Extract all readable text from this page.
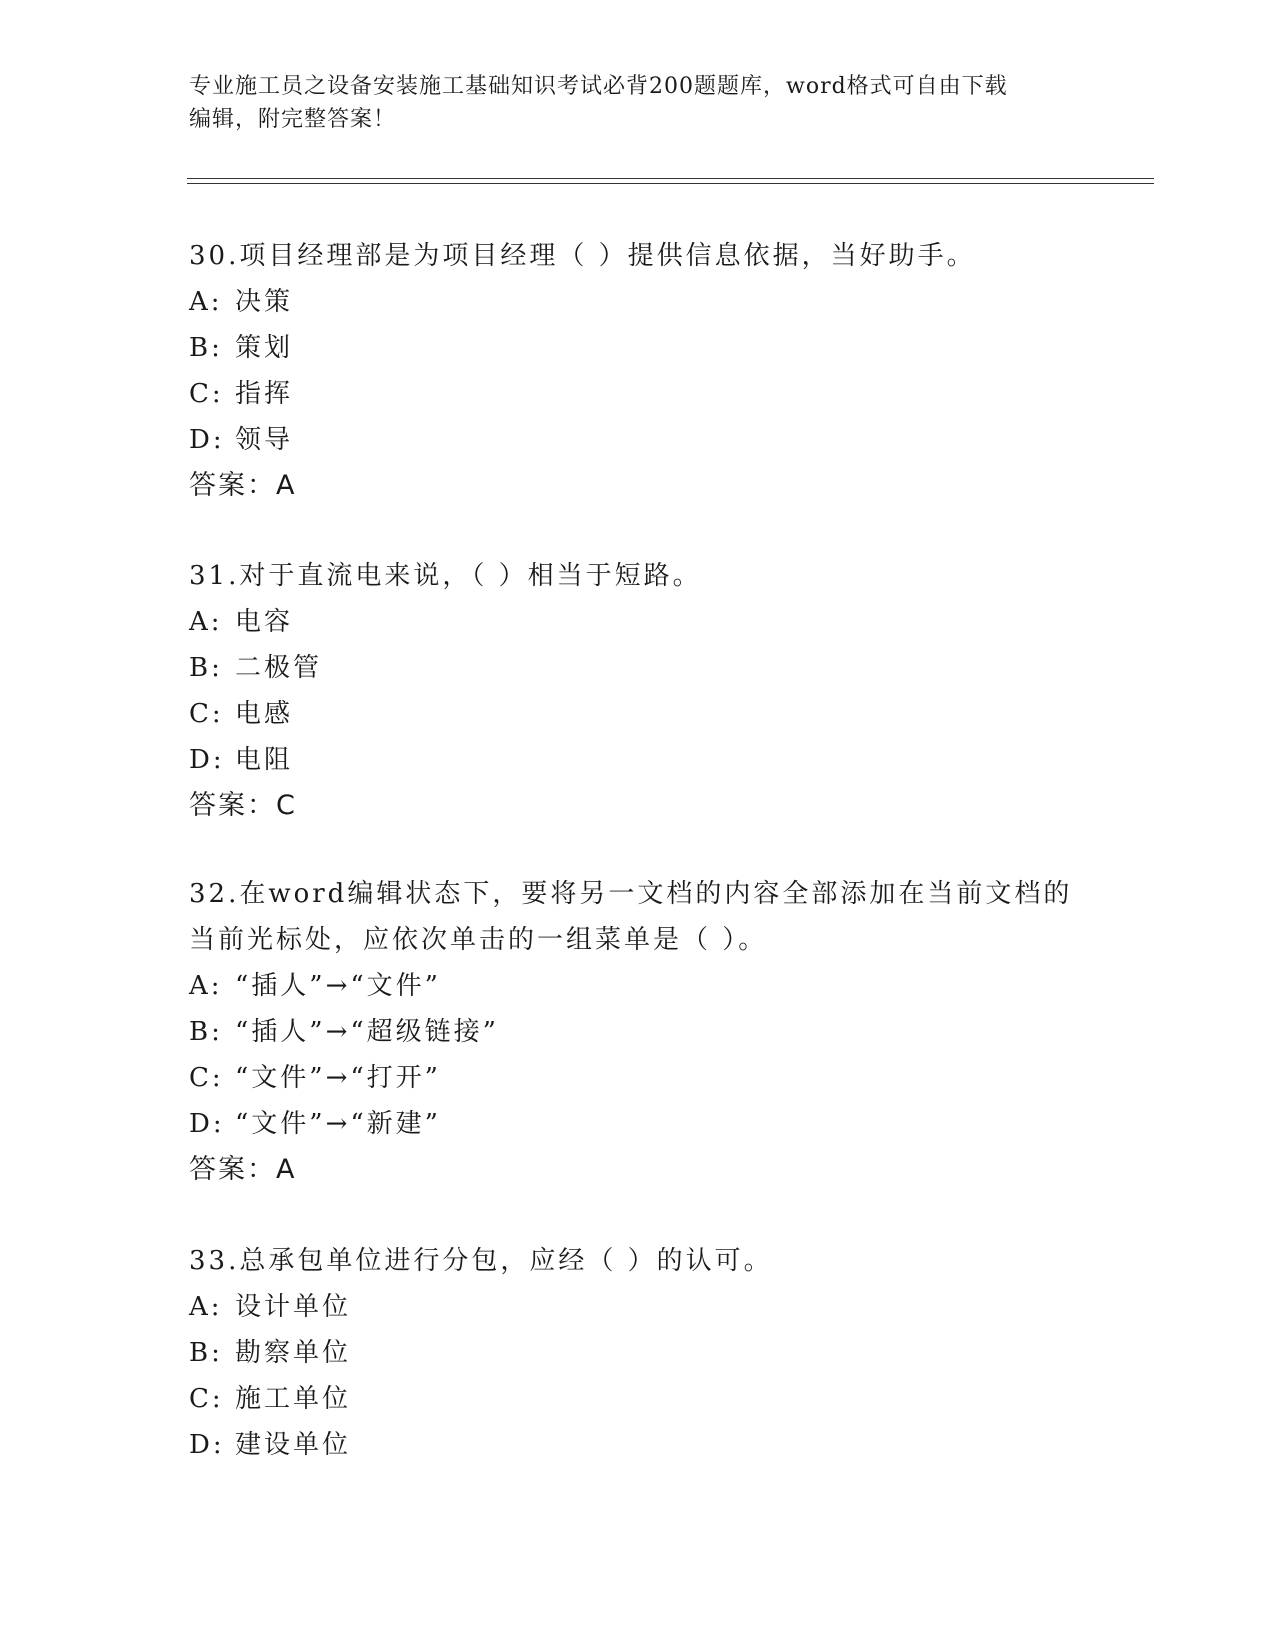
专业施工员之设备安装施工基础知识考试必背200题题库，word格式可自由下载
编辑，附完整答案！
30.项目经理部是为项目经理（ ）提供信息依据，当好助手。
A: 决策
B: 策划
C: 指挥
D: 领导
答案：A
31.对于直流电来说，（ ）相当于短路。
A: 电容
B: 二极管
C: 电感
D: 电阻
答案：C
32.在word编辑状态下，要将另一文档的内容全部添加在当前文档的
当前光标处，应依次单击的一组菜单是（ ）。
A: “插人”→“文件”
B: “插人”→“超级链接”
C: “文件”→“打开”
D: “文件”→“新建”
答案：A
33.总承包单位进行分包，应经（ ）的认可。
A: 设计单位
B: 勘察单位
C: 施工单位
D: 建设单位
